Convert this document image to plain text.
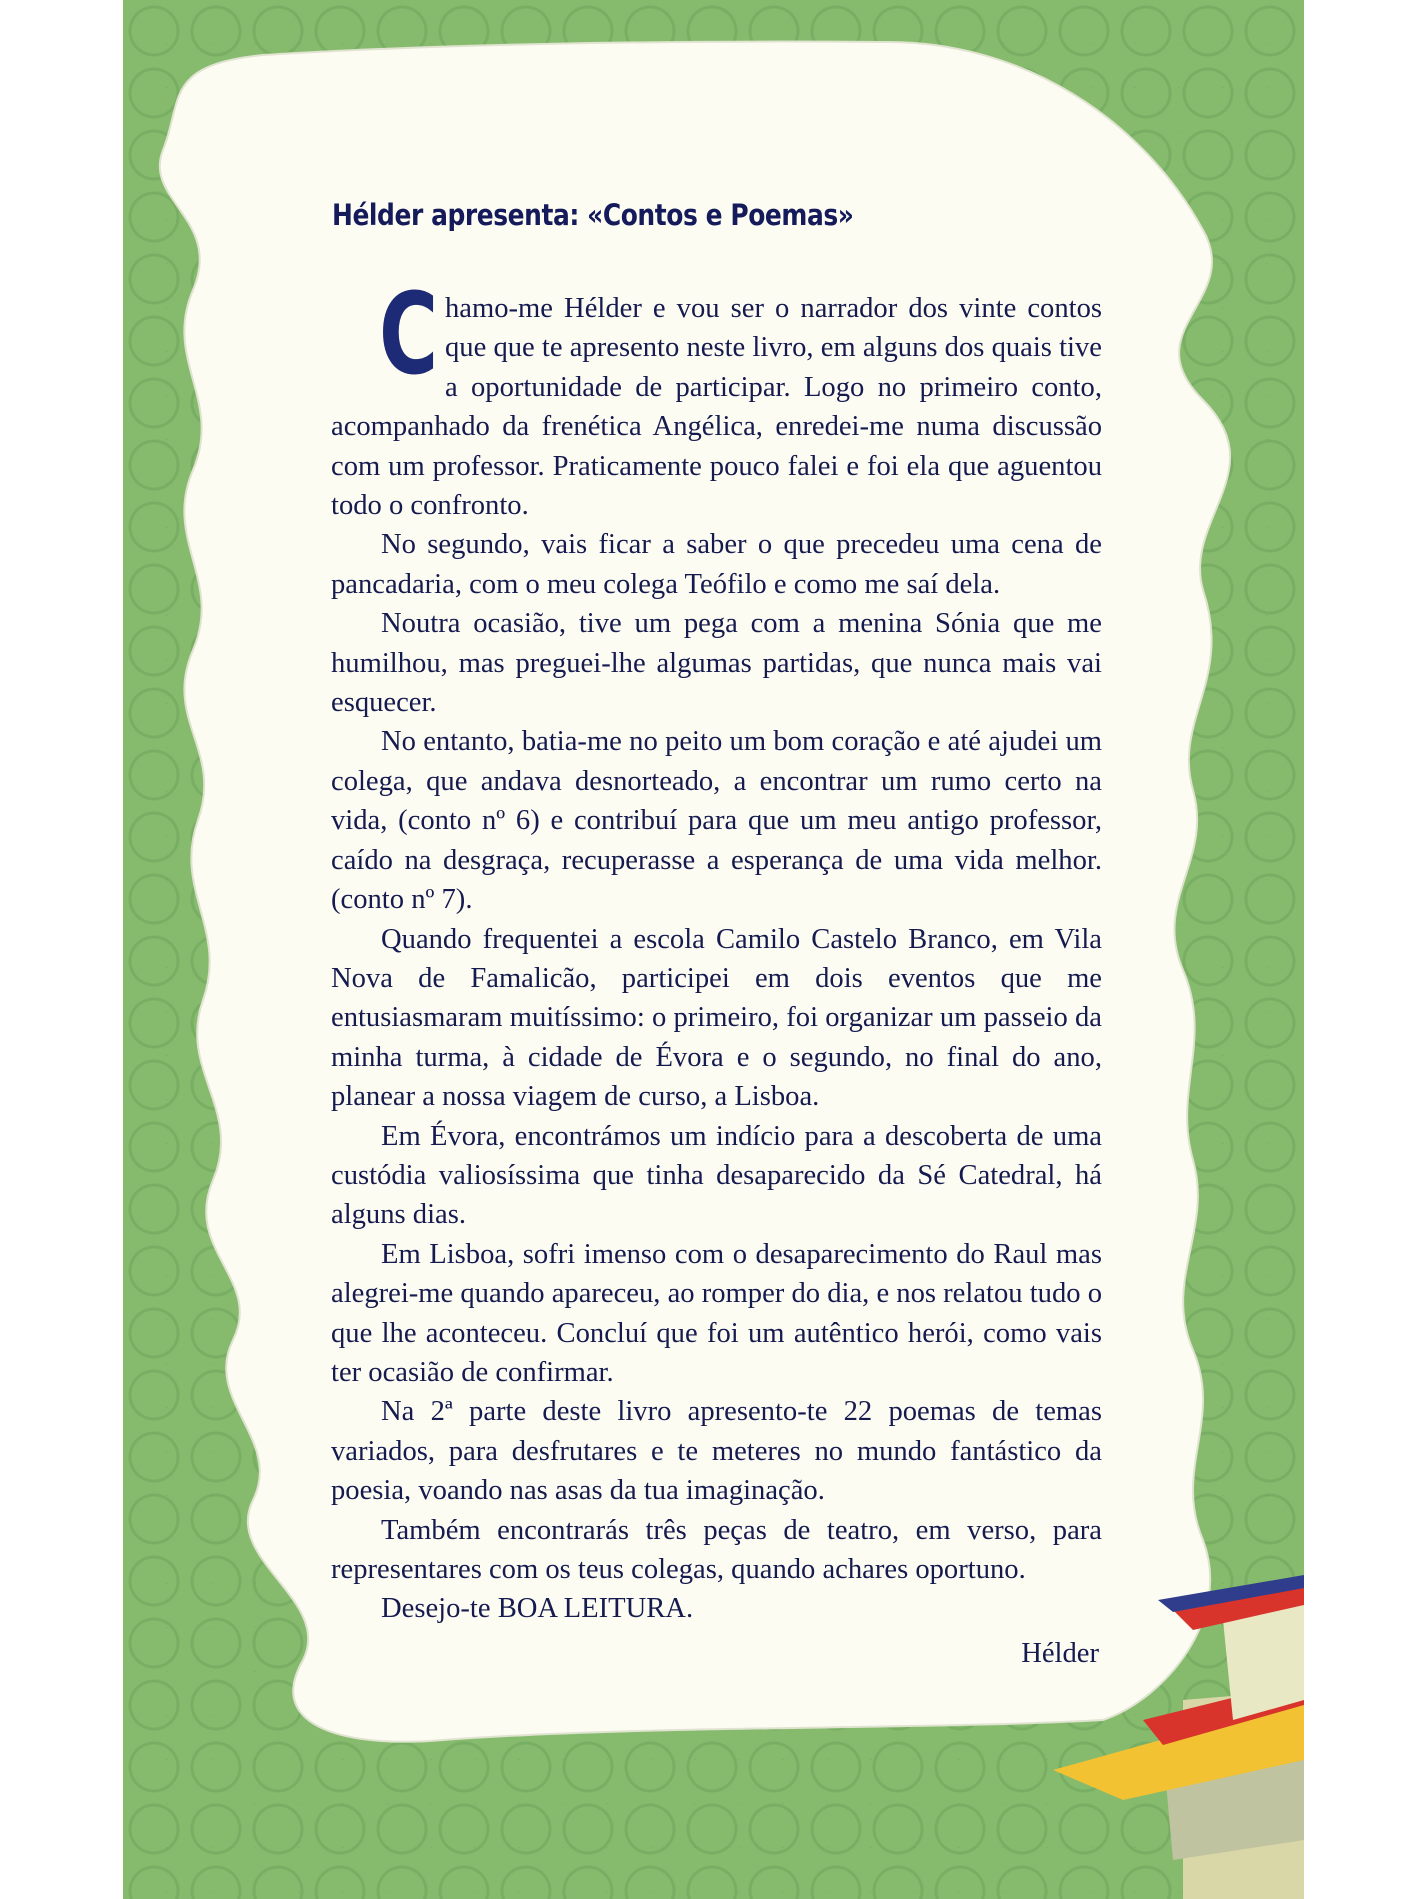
Hélder apresenta: «Contos e Poemas»

Chamo-me Hélder e vou ser o narrador dos vinte contos que que te apresento neste livro, em alguns dos quais tive a oportunidade de participar. Logo no primeiro conto, acompanhado da frenética Angélica, enredei-me numa discussão com um professor. Praticamente pouco falei e foi ela que aguentou todo o confronto.

No segundo, vais ficar a saber o que precedeu uma cena de pancadaria, com o meu colega Teófilo e como me saí dela.

Noutra ocasião, tive um pega com a menina Sónia que me humilhou, mas preguei-lhe algumas partidas, que nunca mais vai esquecer.

No entanto, batia-me no peito um bom coração e até ajudei um colega, que andava desnorteado, a encontrar um rumo certo na vida, (conto nº 6) e contribuí para que um meu antigo professor, caído na desgraça, recuperasse a esperança de uma vida melhor. (conto nº 7).

Quando frequentei a escola Camilo Castelo Branco, em Vila Nova de Famalicão, participei em dois eventos que me entusiasmaram muitíssimo: o primeiro, foi organizar um passeio da minha turma, à cidade de Évora e o segundo, no final do ano, planear a nossa viagem de curso, a Lisboa.

Em Évora, encontrámos um indício para a descoberta de uma custódia valiosíssima que tinha desaparecido da Sé Catedral, há alguns dias.

Em Lisboa, sofri imenso com o desaparecimento do Raul mas alegrei-me quando apareceu, ao romper do dia, e nos relatou tudo o que lhe aconteceu. Concluí que foi um autêntico herói, como vais ter ocasião de confirmar.

Na 2ª parte deste livro apresento-te 22 poemas de temas variados, para desfrutares e te meteres no mundo fantástico da poesia, voando nas asas da tua imaginação.

Também encontrarás três peças de teatro, em verso, para representares com os teus colegas, quando achares oportuno.

Desejo-te BOA LEITURA.

Hélder
